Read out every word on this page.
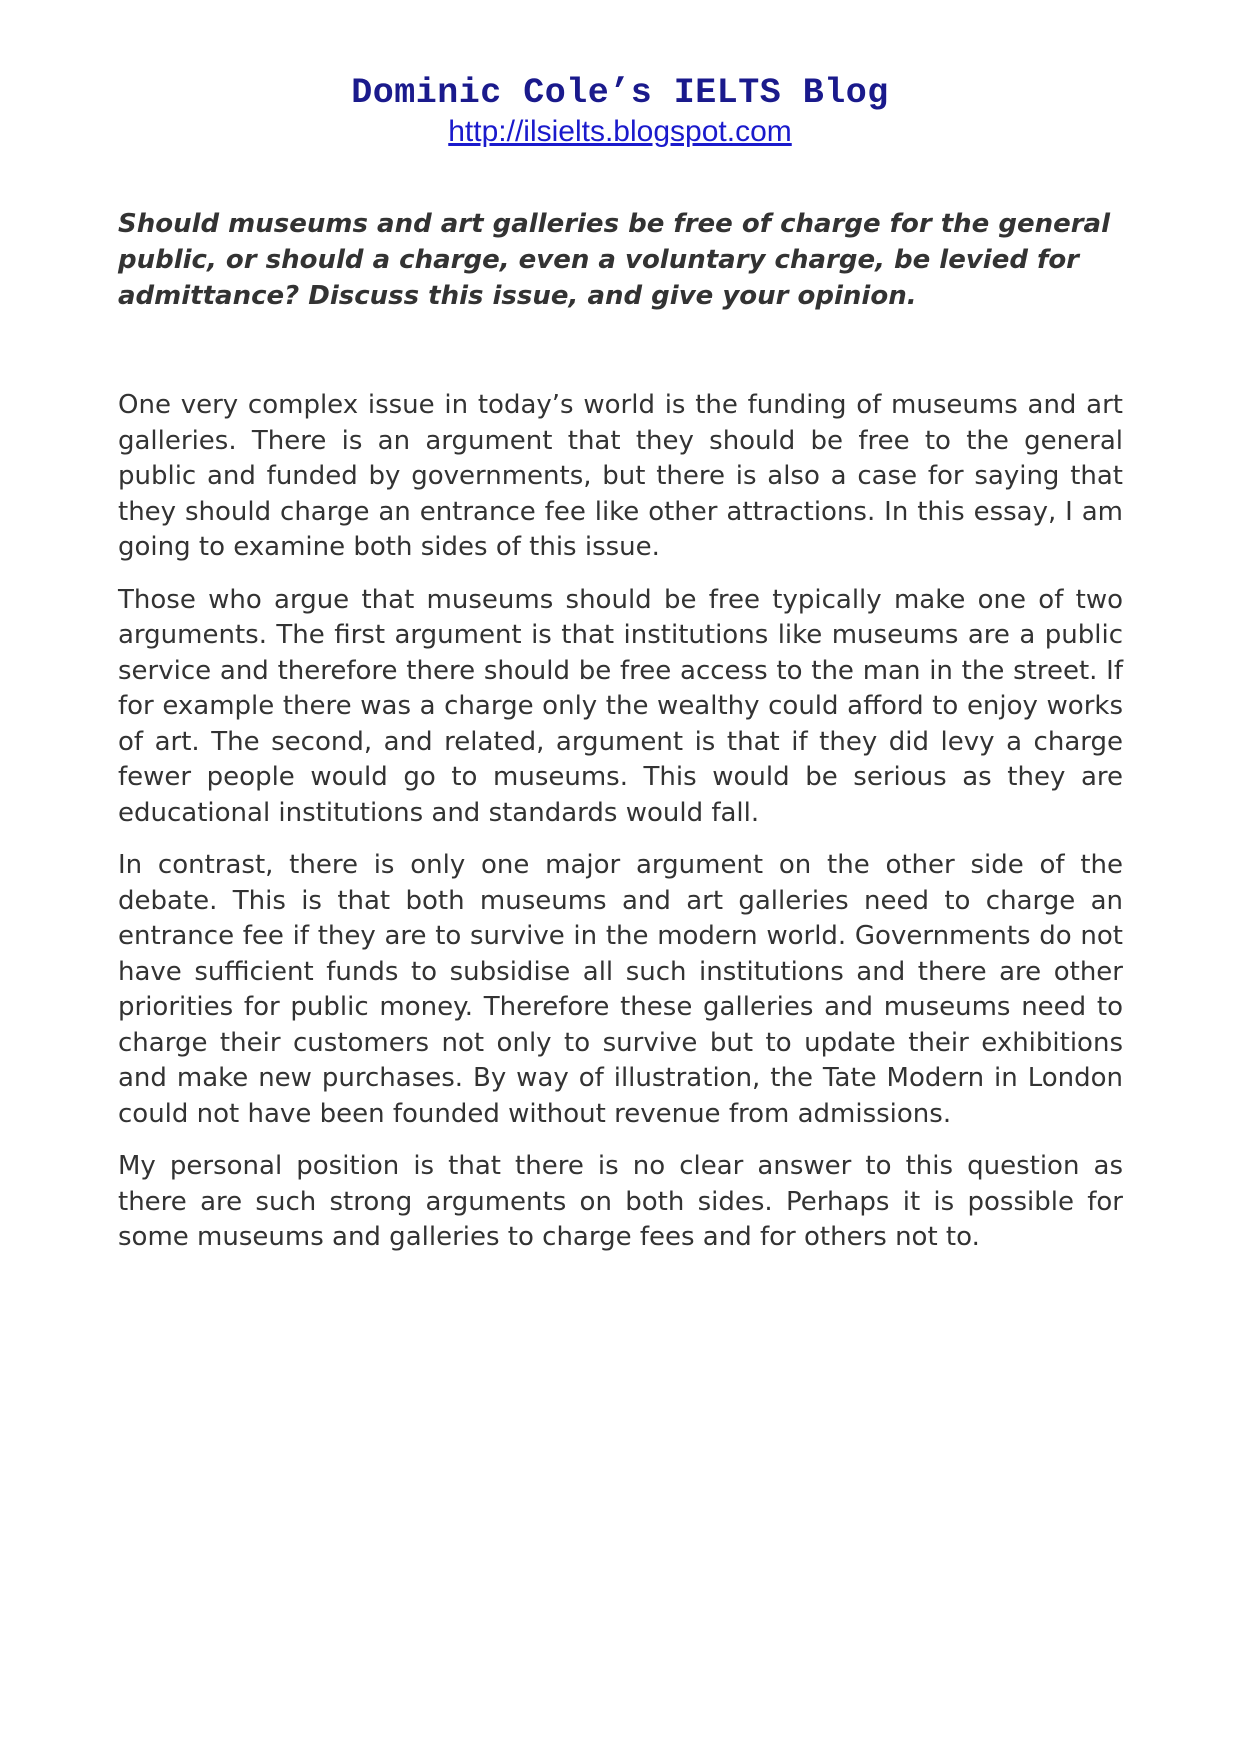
Dominic Cole’s IELTS Blog
http://ilsielts.blogspot.com

Should museums and art galleries be free of charge for the general public, or should a charge, even a voluntary charge, be levied for admittance? Discuss this issue, and give your opinion.

One very complex issue in today’s world is the funding of museums and art galleries. There is an argument that they should be free to the general public and funded by governments, but there is also a case for saying that they should charge an entrance fee like other attractions. In this essay, I am going to examine both sides of this issue.

Those who argue that museums should be free typically make one of two arguments. The first argument is that institutions like museums are a public service and therefore there should be free access to the man in the street. If for example there was a charge only the wealthy could afford to enjoy works of art. The second, and related, argument is that if they did levy a charge fewer people would go to museums. This would be serious as they are educational institutions and standards would fall.

In contrast, there is only one major argument on the other side of the debate. This is that both museums and art galleries need to charge an entrance fee if they are to survive in the modern world. Governments do not have sufficient funds to subsidise all such institutions and there are other priorities for public money. Therefore these galleries and museums need to charge their customers not only to survive but to update their exhibitions and make new purchases. By way of illustration, the Tate Modern in London could not have been founded without revenue from admissions.

My personal position is that there is no clear answer to this question as there are such strong arguments on both sides. Perhaps it is possible for some museums and galleries to charge fees and for others not to.
